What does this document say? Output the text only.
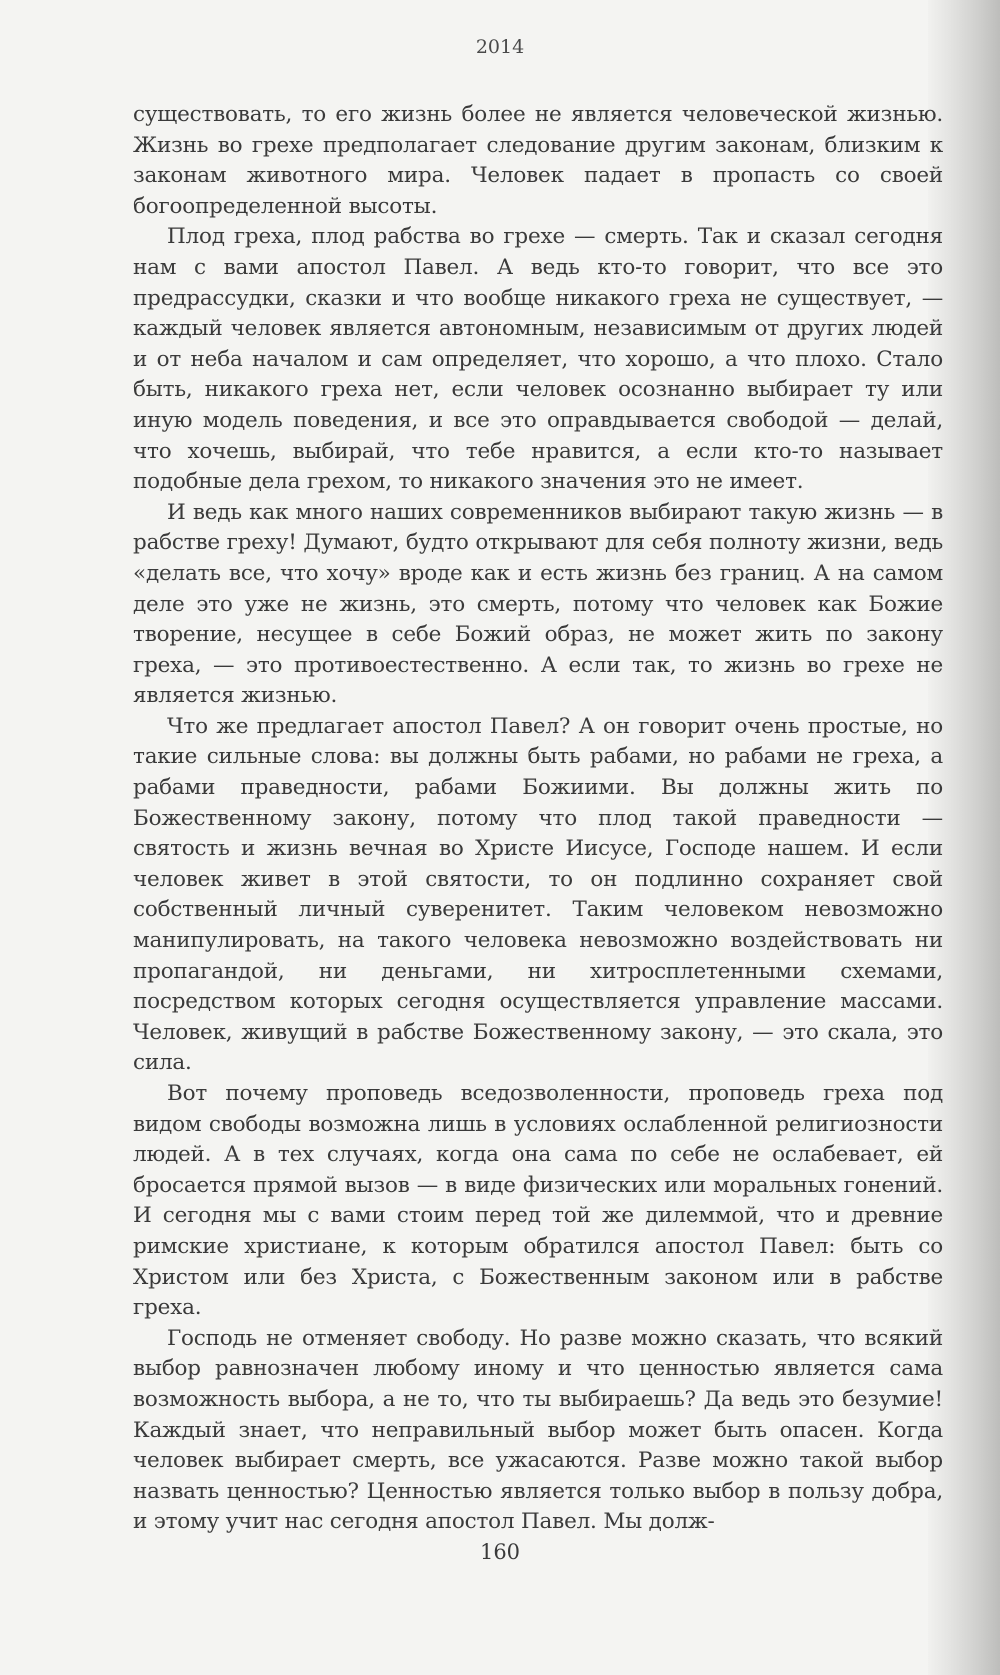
2014

существовать, то его жизнь более не является человеческой жизнью. Жизнь во грехе предполагает следование другим законам, близким к законам животного мира. Человек падает в пропасть со своей богоопределенной высоты.

Плод греха, плод рабства во грехе — смерть. Так и сказал сегодня нам с вами апостол Павел. А ведь кто-то говорит, что все это предрассудки, сказки и что вообще никакого греха не существует, — каждый человек является автономным, независимым от других людей и от неба началом и сам определяет, что хорошо, а что плохо. Стало быть, никакого греха нет, если человек осознанно выбирает ту или иную модель поведения, и все это оправдывается свободой — делай, что хочешь, выбирай, что тебе нравится, а если кто-то называет подобные дела грехом, то никакого значения это не имеет.

И ведь как много наших современников выбирают такую жизнь — в рабстве греху! Думают, будто открывают для себя полноту жизни, ведь «делать все, что хочу» вроде как и есть жизнь без границ. А на самом деле это уже не жизнь, это смерть, потому что человек как Божие творение, несущее в себе Божий образ, не может жить по закону греха, — это противоестественно. А если так, то жизнь во грехе не является жизнью.

Что же предлагает апостол Павел? А он говорит очень простые, но такие сильные слова: вы должны быть рабами, но рабами не греха, а рабами праведности, рабами Божиими. Вы должны жить по Божественному закону, потому что плод такой праведности — святость и жизнь вечная во Христе Иисусе, Господе нашем. И если человек живет в этой святости, то он подлинно сохраняет свой собственный личный суверенитет. Таким человеком невозможно манипулировать, на такого человека невозможно воздействовать ни пропагандой, ни деньгами, ни хитросплетенными схемами, посредством которых сегодня осуществляется управление массами. Человек, живущий в рабстве Божественному закону, — это скала, это сила.

Вот почему проповедь вседозволенности, проповедь греха под видом свободы возможна лишь в условиях ослабленной религиозности людей. А в тех случаях, когда она сама по себе не ослабевает, ей бросается прямой вызов — в виде физических или моральных гонений. И сегодня мы с вами стоим перед той же дилеммой, что и древние римские христиане, к которым обратился апостол Павел: быть со Христом или без Христа, с Божественным законом или в рабстве греха.

Господь не отменяет свободу. Но разве можно сказать, что всякий выбор равнозначен любому иному и что ценностью является сама возможность выбора, а не то, что ты выбираешь? Да ведь это безумие! Каждый знает, что неправильный выбор может быть опасен. Когда человек выбирает смерть, все ужасаются. Разве можно такой выбор назвать ценностью? Ценностью является только выбор в пользу добра, и этому учит нас сегодня апостол Павел. Мы долж-

160
